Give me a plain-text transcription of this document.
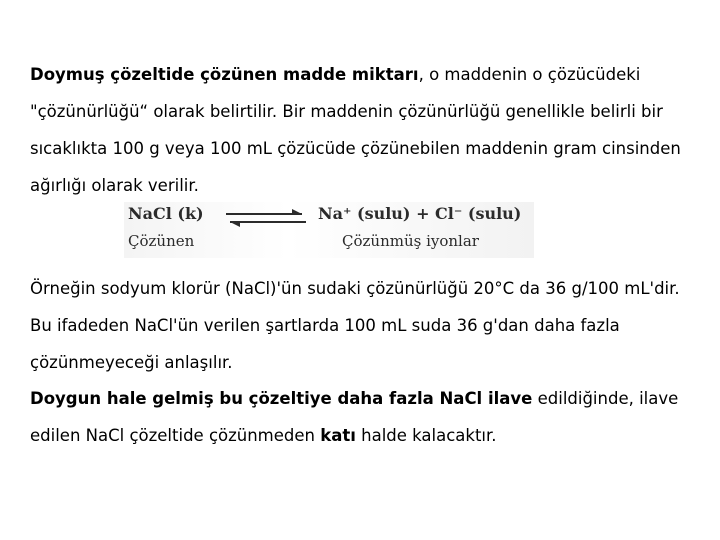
Doymuş çözeltide çözünen madde miktarı, o maddenin o çözücüdeki "çözünürlüğü“ olarak belirtilir. Bir maddenin çözünürlüğü genellikle belirli bir sıcaklıkta 100 g veya 100 mL çözücüde çözünebilen maddenin gram cinsinden ağırlığı olarak verilir.

NaCl (k)	Na⁺ (sulu) + Cl⁻ (sulu)
Çözünen	Çözünmüş iyonlar

Örneğin sodyum klorür (NaCl)'ün sudaki çözünürlüğü 20°C da 36 g/100 mL'dir. Bu ifadeden NaCl'ün verilen şartlarda 100 mL suda 36 g'dan daha fazla çözünmeyeceği anlaşılır.

Doygun hale gelmiş bu çözeltiye daha fazla NaCl ilave edildiğinde, ilave edilen NaCl çözeltide çözünmeden katı halde kalacaktır.
